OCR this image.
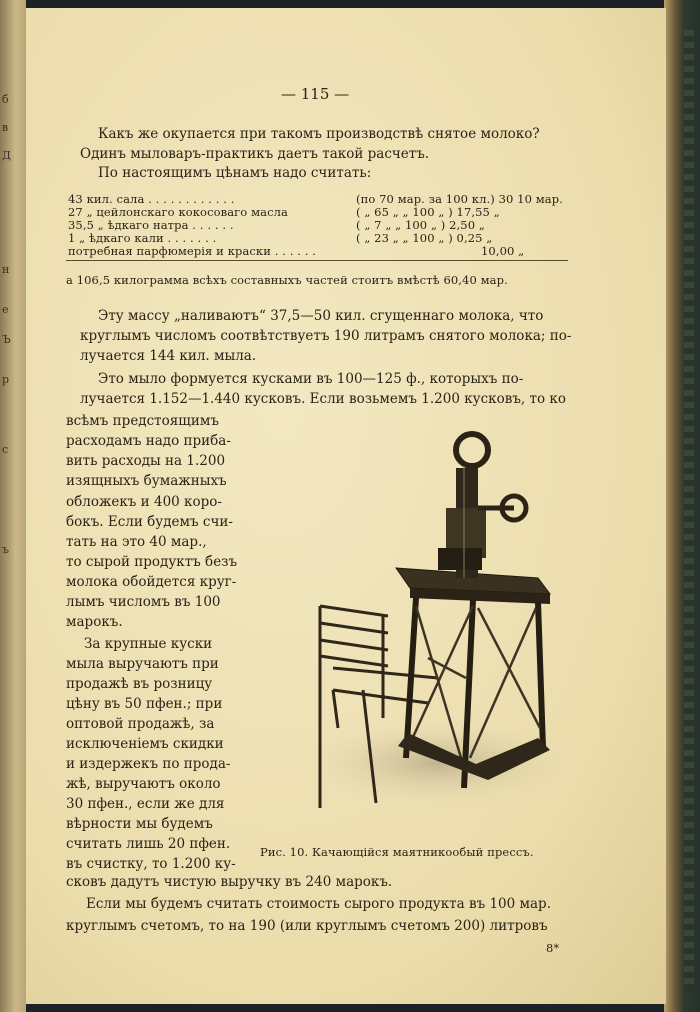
б
в
Д
н
е
Ъ
р
с
ъ
— 115 —
Какъ же окупается при такомъ производствѣ снятое молоко?
Одинъ мыловаръ-практикъ даетъ такой расчетъ.
По настоящимъ цѣнамъ надо считать:
43 кил. сала . . . . . . . . . . . .	(по 70 мар. за 100 кл.) 30 10 мар.
27 „ цейлонскаго кокосоваго масла	( „ 65 „ „ 100 „ ) 17,55 „
35,5 „ ѣдкаго натра . . . . . .	( „ 7 „ „ 100 „ ) 2,50 „
1 „ ѣдкаго кали . . . . . . .	( „ 23 „ „ 100 „ ) 0,25 „
потребная парфюмерія и краски . . . . . .	10,00 „
а 106,5 килограмма всѣхъ составныхъ частей стоитъ вмѣстѣ 60,40 мар.
Эту массу „наливаютъ“ 37,5—50 кил. сгущеннаго молока, что
круглымъ числомъ соотвѣтствуетъ 190 литрамъ снятого молока; по-
лучается 144 кил. мыла.
Это мыло формуется кусками въ 100—125 ф., которыхъ по-
лучается 1.152—1.440 кусковъ. Если возьмемъ 1.200 кусковъ, то ко
всѣмъ предстоящимъ
расходамъ надо приба-
вить расходы на 1.200
изящныхъ бумажныхъ
обложекъ и 400 коро-
бокъ. Если будемъ счи-
тать на это 40 мар.,
то сырой продуктъ безъ
молока обойдется круг-
лымъ числомъ въ 100
марокъ.
За крупные куски
мыла выручаютъ при
продажѣ въ розницу
цѣну въ 50 пфен.; при
оптовой продажѣ, за
исключеніемъ скидки
и издержекъ по прода-
жѣ, выручаютъ около
30 пфен., если же для
вѣрности мы будемъ
считать лишь 20 пфен.
въ счистку, то 1.200 ку-
Рис. 10. Качающійся маятникообый прессъ.
сковъ дадутъ чистую выручку въ 240 марокъ.
Если мы будемъ считать стоимость сырого продукта въ 100 мар.
круглымъ счетомъ, то на 190 (или круглымъ счетомъ 200) литровъ
8*
